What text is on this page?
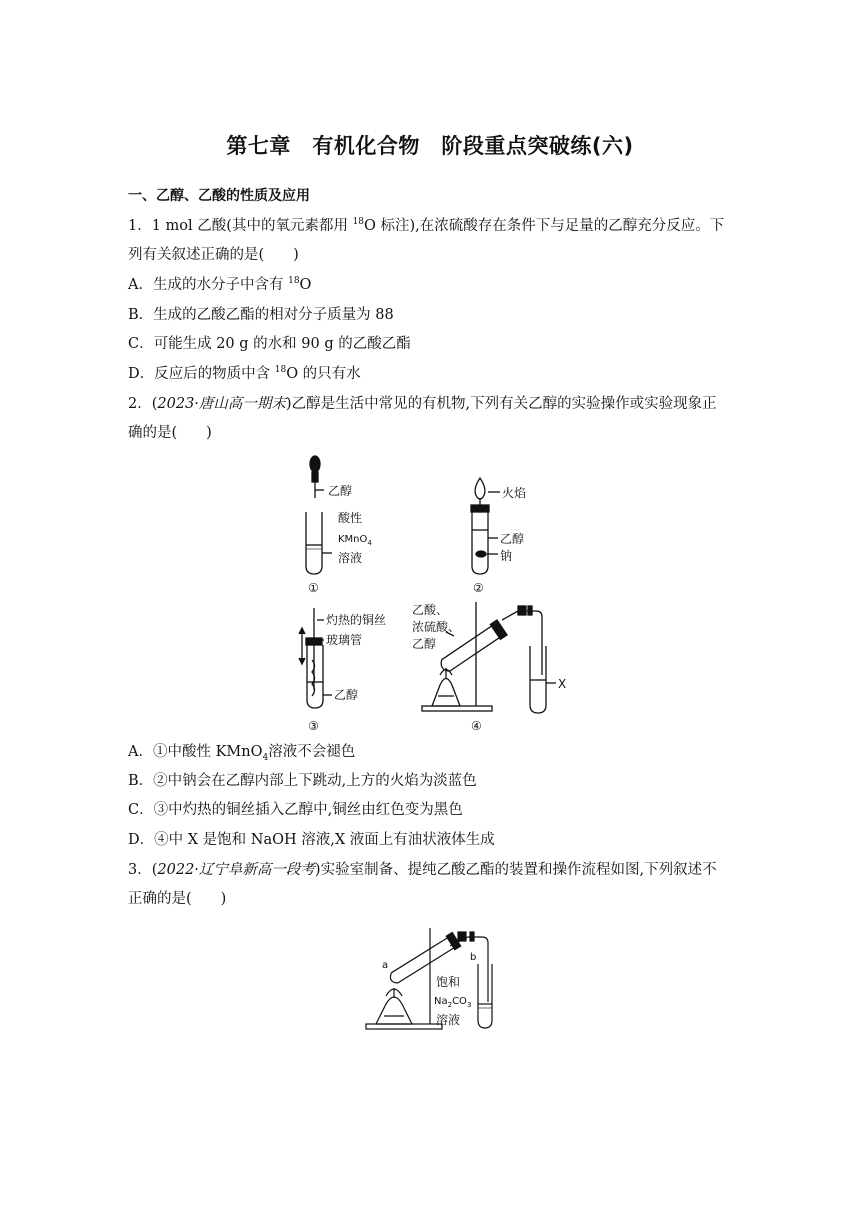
第七章　有机化合物　阶段重点突破练(六)
一、乙醇、乙酸的性质及应用
1．1 mol 乙酸(其中的氧元素都用 $^{18}$O 标注),在浓硫酸存在条件下与足量的乙醇充分反应。下
列有关叙述正确的是(　　)
A．生成的水分子中含有 $^{18}$O
B．生成的乙酸乙酯的相对分子质量为 88
C．可能生成 20 g 的水和 90 g 的乙酸乙酯
D．反应后的物质中含 $^{18}$O 的只有水
2．(2023·唐山高一期末)乙醇是生活中常见的有机物,下列有关乙醇的实验操作或实验现象正
确的是(　　)
乙醇
酸性
KMnO$_4$
溶液
①
火焰
乙醇
钠
②
灼热的铜丝
玻璃管
乙醇
③
乙酸、
浓硫酸、
乙醇
X
④
A．①中酸性 KMnO$_4$溶液不会褪色
B．②中钠会在乙醇内部上下跳动,上方的火焰为淡蓝色
C．③中灼热的铜丝插入乙醇中,铜丝由红色变为黑色
D．④中 X 是饱和 NaOH 溶液,X 液面上有油状液体生成
3．(2022·辽宁阜新高一段考)实验室制备、提纯乙酸乙酯的装置和操作流程如图,下列叙述不
正确的是(　　)
a
b
饱和
$Na_2CO_3$
溶液
